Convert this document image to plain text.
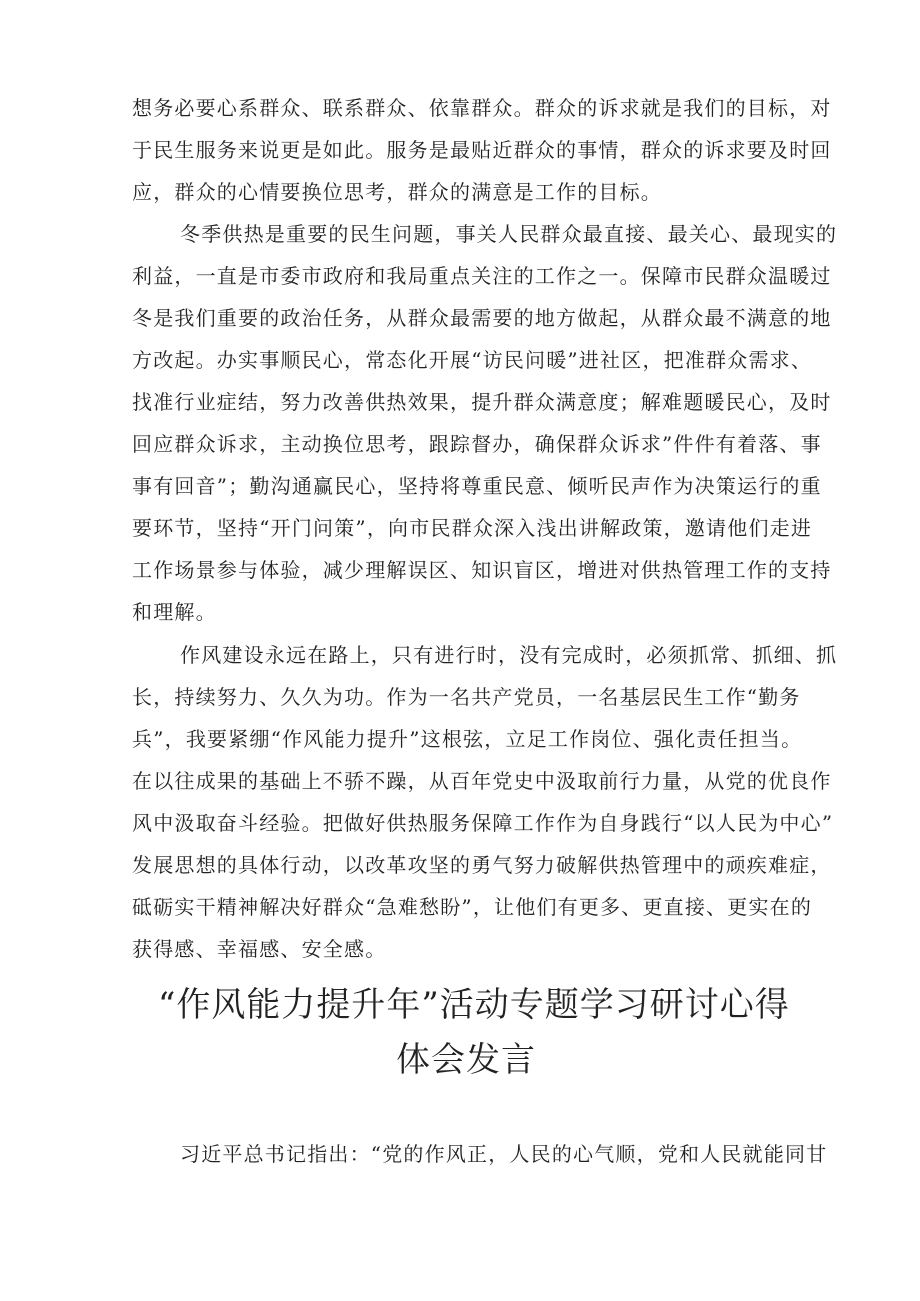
想务必要心系群众、联系群众、依靠群众。群众的诉求就是我们的目标，对
于民生服务来说更是如此。服务是最贴近群众的事情，群众的诉求要及时回
应，群众的心情要换位思考，群众的满意是工作的目标。
冬季供热是重要的民生问题，事关人民群众最直接、最关心、最现实的
利益，一直是市委市政府和我局重点关注的工作之一。保障市民群众温暖过
冬是我们重要的政治任务，从群众最需要的地方做起，从群众最不满意的地
方改起。办实事顺民心，常态化开展“访民问暖”进社区，把准群众需求、
找准行业症结，努力改善供热效果，提升群众满意度；解难题暖民心，及时
回应群众诉求，主动换位思考，跟踪督办，确保群众诉求”件件有着落、事
事有回音”；勤沟通赢民心，坚持将尊重民意、倾听民声作为决策运行的重
要环节，坚持“开门问策”，向市民群众深入浅出讲解政策，邀请他们走进
工作场景参与体验，减少理解误区、知识盲区，增进对供热管理工作的支持
和理解。
作风建设永远在路上，只有进行时，没有完成时，必须抓常、抓细、抓
长，持续努力、久久为功。作为一名共产党员，一名基层民生工作“勤务
兵”，我要紧绷“作风能力提升”这根弦，立足工作岗位、强化责任担当。
在以往成果的基础上不骄不躁，从百年党史中汲取前行力量，从党的优良作
风中汲取奋斗经验。把做好供热服务保障工作作为自身践行“以人民为中心”
发展思想的具体行动，以改革攻坚的勇气努力破解供热管理中的顽疾难症，
砥砺实干精神解决好群众“急难愁盼”，让他们有更多、更直接、更实在的
获得感、幸福感、安全感。
“作风能力提升年”活动专题学习研讨心得
体会发言
习近平总书记指出：“党的作风正，人民的心气顺，党和人民就能同甘
